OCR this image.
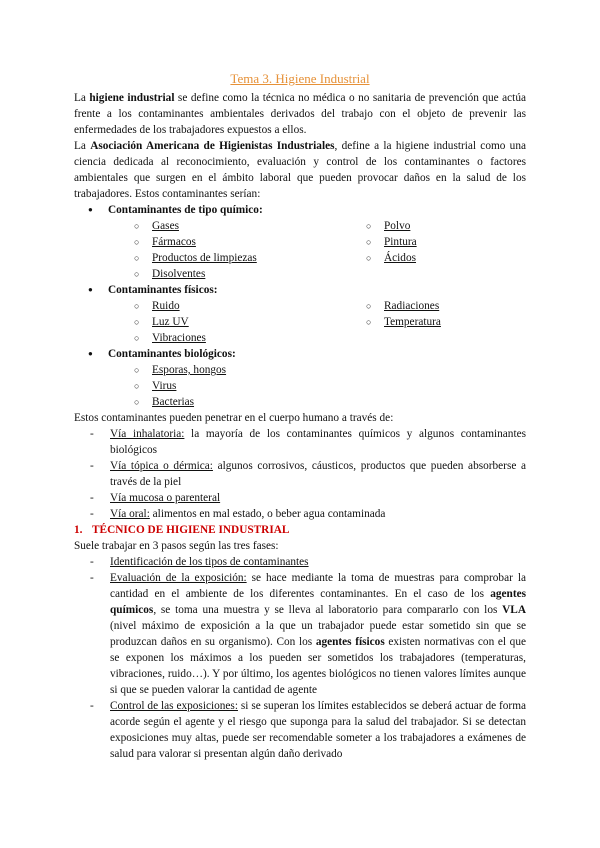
Tema 3. Higiene Industrial

La higiene industrial se define como la técnica no médica o no sanitaria de prevención que actúa frente a los contaminantes ambientales derivados del trabajo con el objeto de prevenir las enfermedades de los trabajadores expuestos a ellos.

La Asociación Americana de Higienistas Industriales, define a la higiene industrial como una ciencia dedicada al reconocimiento, evaluación y control de los contaminantes o factores ambientales que surgen en el ámbito laboral que pueden provocar daños en la salud de los trabajadores. Estos contaminantes serían:

● Contaminantes de tipo químico:
○ Gases
○ Fármacos
○ Productos de limpiezas
○ Disolventes
○ Polvo
○ Pintura
○ Ácidos
● Contaminantes físicos:
○ Ruido
○ Luz UV
○ Vibraciones
○ Radiaciones
○ Temperatura
● Contaminantes biológicos:
○ Esporas, hongos
○ Virus
○ Bacterias

Estos contaminantes pueden penetrar en el cuerpo humano a través de:

- Vía inhalatoria: la mayoría de los contaminantes químicos y algunos contaminantes biológicos
- Vía tópica o dérmica: algunos corrosivos, cáusticos, productos que pueden absorberse a través de la piel
- Vía mucosa o parenteral
- Vía oral: alimentos en mal estado, o beber agua contaminada
1. TÉCNICO DE HIGIENE INDUSTRIAL

Suele trabajar en 3 pasos según las tres fases:

- Identificación de los tipos de contaminantes
- Evaluación de la exposición: se hace mediante la toma de muestras para comprobar la cantidad en el ambiente de los diferentes contaminantes. En el caso de los agentes químicos, se toma una muestra y se lleva al laboratorio para compararlo con los VLA (nivel máximo de exposición a la que un trabajador puede estar sometido sin que se produzcan daños en su organismo). Con los agentes físicos existen normativas con el que se exponen los máximos a los pueden ser sometidos los trabajadores (temperaturas, vibraciones, ruido…). Y por último, los agentes biológicos no tienen valores límites aunque si que se pueden valorar la cantidad de agente
- Control de las exposiciones: si se superan los límites establecidos se deberá actuar de forma acorde según el agente y el riesgo que suponga para la salud del trabajador. Si se detectan exposiciones muy altas, puede ser recomendable someter a los trabajadores a exámenes de salud para valorar si presentan algún daño derivado
